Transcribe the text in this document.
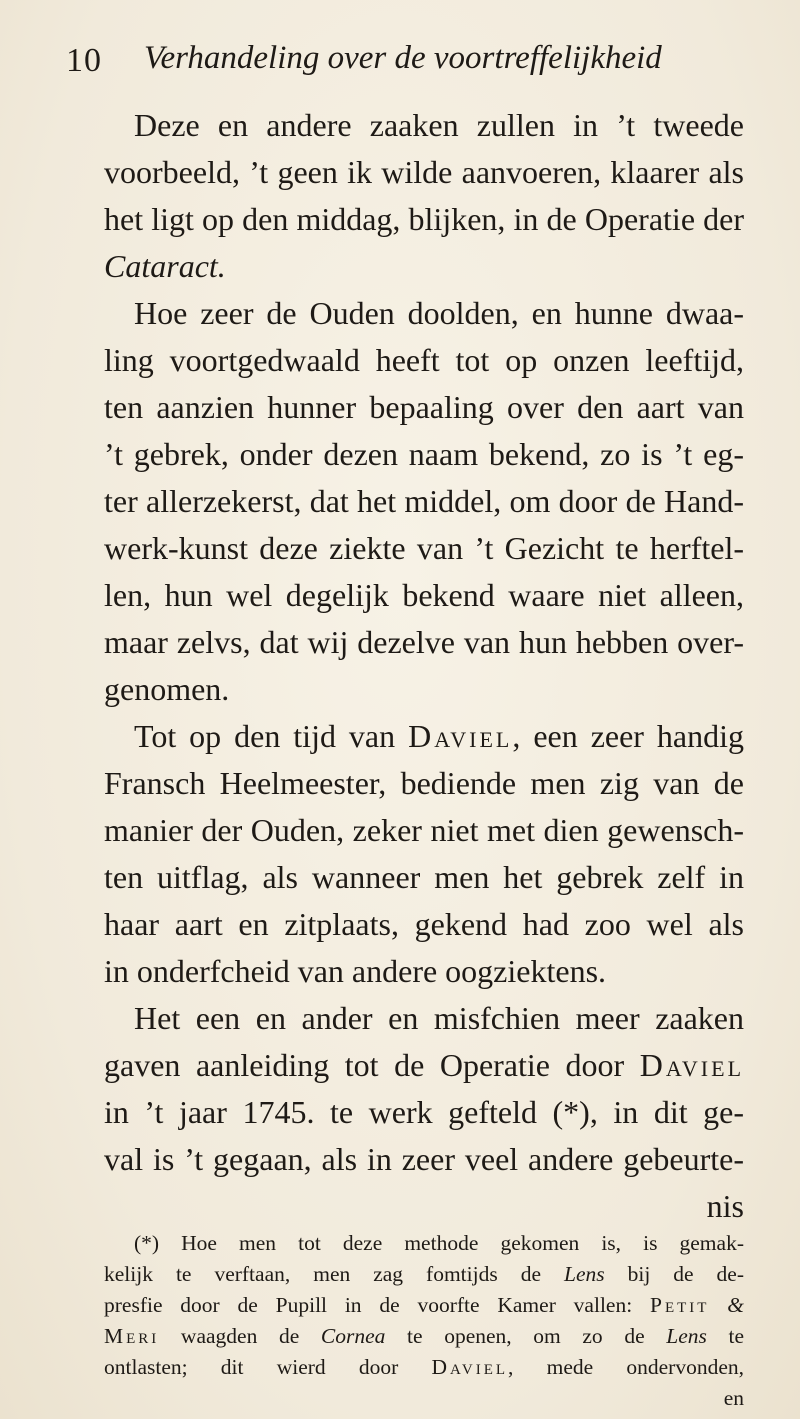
10 Verhandeling over de voortreffelijkheid
Deze en andere zaaken zullen in ’t tweede
voorbeeld, ’t geen ik wilde aanvoeren, klaarer als
het ligt op den middag, blijken, in de Operatie der
Cataract.
Hoe zeer de Ouden doolden, en hunne dwaa-
ling voortgedwaald heeft tot op onzen leeftijd,
ten aanzien hunner bepaaling over den aart van
’t gebrek, onder dezen naam bekend, zo is ’t eg-
ter allerzekerst, dat het middel, om door de Hand-
werk-kunst deze ziekte van ’t Gezicht te herftel-
len, hun wel degelijk bekend waare niet alleen,
maar zelvs, dat wij dezelve van hun hebben over-
genomen.
Tot op den tijd van Daviel, een zeer handig
Fransch Heelmeester, bediende men zig van de
manier der Ouden, zeker niet met dien gewensch-
ten uitflag, als wanneer men het gebrek zelf in
haar aart en zitplaats, gekend had zoo wel als
in onderfcheid van andere oogziektens.
Het een en ander en misfchien meer zaaken
gaven aanleiding tot de Operatie door Daviel
in ’t jaar 1745. te werk gefteld (*), in dit ge-
val is ’t gegaan, als in zeer veel andere gebeurte-
nis
(*) Hoe men tot deze methode gekomen is, is gemak-
kelijk te verftaan, men zag fomtijds de Lens bij de de-
presfie door de Pupill in de voorfte Kamer vallen: Petit &
Meri waagden de Cornea te openen, om zo de Lens te
ontlasten; dit wierd door Daviel, mede ondervonden,
en
